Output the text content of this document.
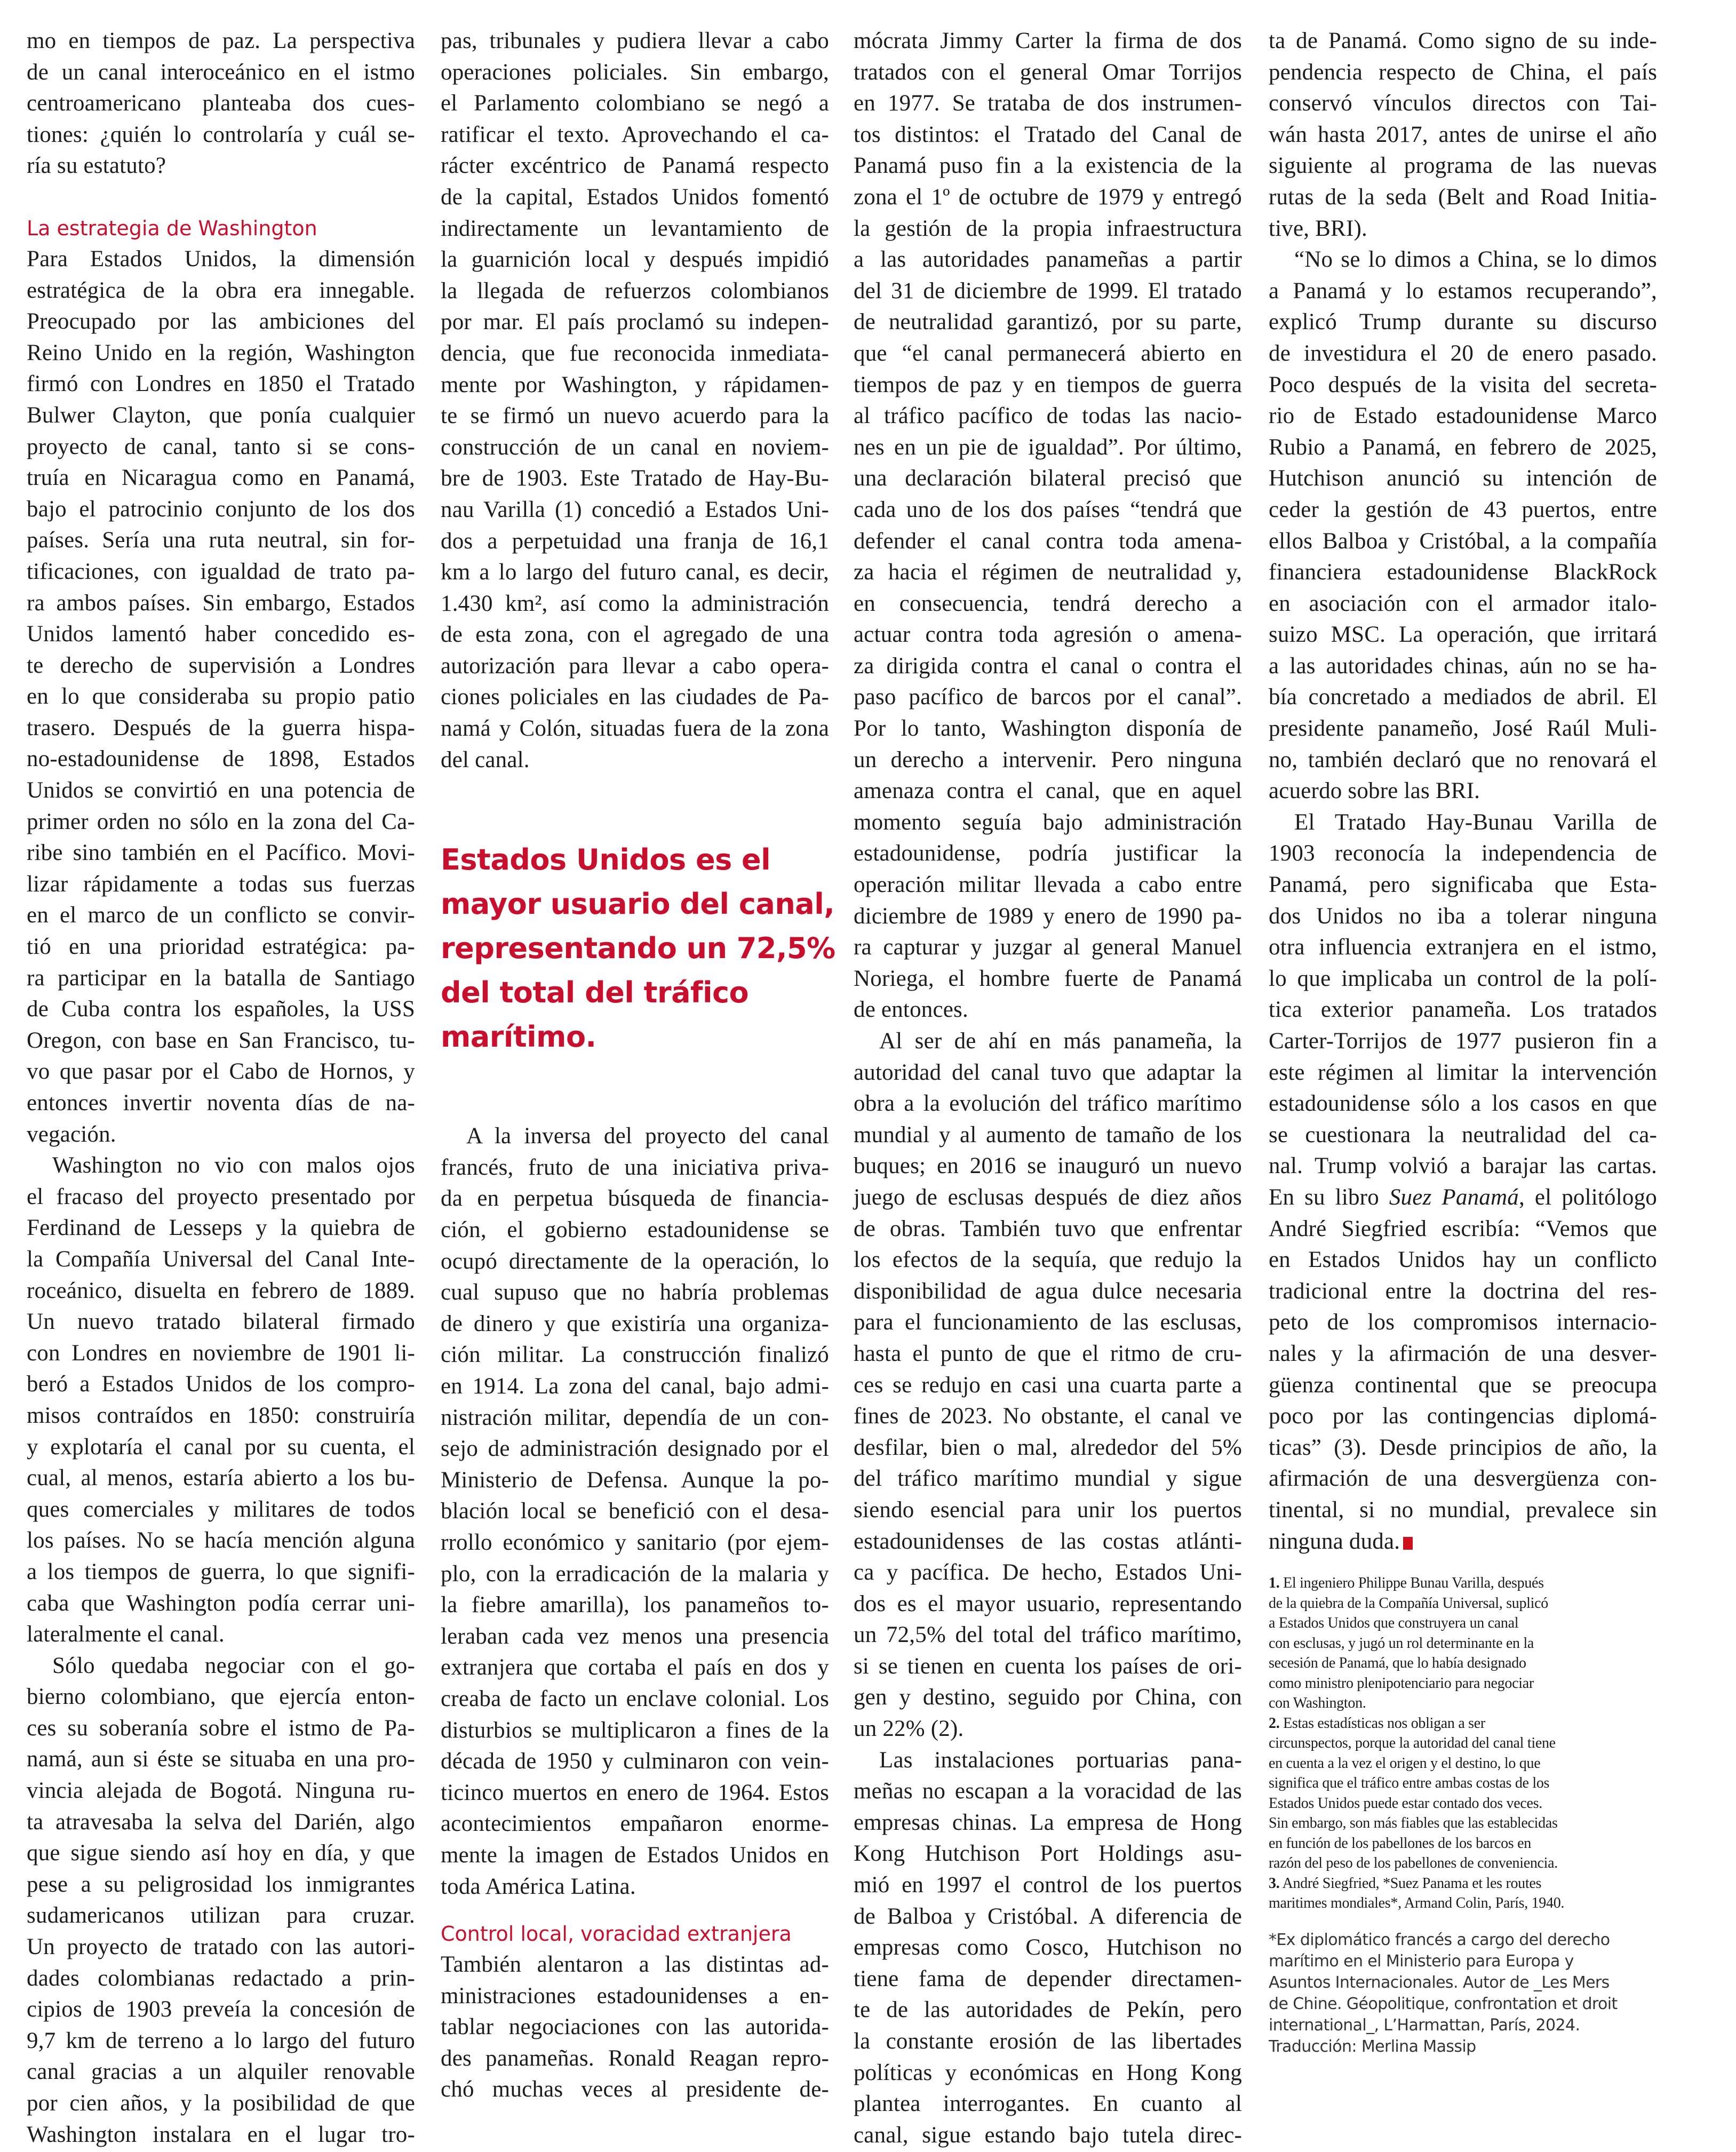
mo en tiempos de paz. La perspectiva
de un canal interoceánico en el istmo
centroamericano planteaba dos cues-
tiones: ¿quién lo controlaría y cuál se-
ría su estatuto?

La estrategia de Washington

Para Estados Unidos, la dimensión
estratégica de la obra era innegable.
Preocupado por las ambiciones del
Reino Unido en la región, Washington
firmó con Londres en 1850 el Tratado
Bulwer Clayton, que ponía cualquier
proyecto de canal, tanto si se cons-
truía en Nicaragua como en Panamá,
bajo el patrocinio conjunto de los dos
países. Sería una ruta neutral, sin for-
tificaciones, con igualdad de trato pa-
ra ambos países. Sin embargo, Estados
Unidos lamentó haber concedido es-
te derecho de supervisión a Londres
en lo que consideraba su propio patio
trasero. Después de la guerra hispa-
no-estadounidense de 1898, Estados
Unidos se convirtió en una potencia de
primer orden no sólo en la zona del Ca-
ribe sino también en el Pacífico. Movi-
lizar rápidamente a todas sus fuerzas
en el marco de un conflicto se convir-
tió en una prioridad estratégica: pa-
ra participar en la batalla de Santiago
de Cuba contra los españoles, la USS
Oregon, con base en San Francisco, tu-
vo que pasar por el Cabo de Hornos, y
entonces invertir noventa días de na-
vegación.

Washington no vio con malos ojos
el fracaso del proyecto presentado por
Ferdinand de Lesseps y la quiebra de
la Compañía Universal del Canal Inte-
roceánico, disuelta en febrero de 1889.
Un nuevo tratado bilateral firmado
con Londres en noviembre de 1901 li-
beró a Estados Unidos de los compro-
misos contraídos en 1850: construiría
y explotaría el canal por su cuenta, el
cual, al menos, estaría abierto a los bu-
ques comerciales y militares de todos
los países. No se hacía mención alguna
a los tiempos de guerra, lo que signifi-
caba que Washington podía cerrar uni-
lateralmente el canal.

Sólo quedaba negociar con el go-
bierno colombiano, que ejercía enton-
ces su soberanía sobre el istmo de Pa-
namá, aun si éste se situaba en una pro-
vincia alejada de Bogotá. Ninguna ru-
ta atravesaba la selva del Darién, algo
que sigue siendo así hoy en día, y que
pese a su peligrosidad los inmigrantes
sudamericanos utilizan para cruzar.
Un proyecto de tratado con las autori-
dades colombianas redactado a prin-
cipios de 1903 preveía la concesión de
9,7 km de terreno a lo largo del futuro
canal gracias a un alquiler renovable
por cien años, y la posibilidad de que
Washington instalara en el lugar tro-

pas, tribunales y pudiera llevar a cabo
operaciones policiales. Sin embargo,
el Parlamento colombiano se negó a
ratificar el texto. Aprovechando el ca-
rácter excéntrico de Panamá respecto
de la capital, Estados Unidos fomentó
indirectamente un levantamiento de
la guarnición local y después impidió
la llegada de refuerzos colombianos
por mar. El país proclamó su indepen-
dencia, que fue reconocida inmediata-
mente por Washington, y rápidamen-
te se firmó un nuevo acuerdo para la
construcción de un canal en noviem-
bre de 1903. Este Tratado de Hay-Bu-
nau Varilla (1) concedió a Estados Uni-
dos a perpetuidad una franja de 16,1
km a lo largo del futuro canal, es decir,
1.430 km², así como la administración
de esta zona, con el agregado de una
autorización para llevar a cabo opera-
ciones policiales en las ciudades de Pa-
namá y Colón, situadas fuera de la zona
del canal.

Estados Unidos es el
mayor usuario del canal,
representando un 72,5%
del total del tráfico
marítimo.

A la inversa del proyecto del canal
francés, fruto de una iniciativa priva-
da en perpetua búsqueda de financia-
ción, el gobierno estadounidense se
ocupó directamente de la operación, lo
cual supuso que no habría problemas
de dinero y que existiría una organiza-
ción militar. La construcción finalizó
en 1914. La zona del canal, bajo admi-
nistración militar, dependía de un con-
sejo de administración designado por el
Ministerio de Defensa. Aunque la po-
blación local se benefició con el desa-
rrollo económico y sanitario (por ejem-
plo, con la erradicación de la malaria y
la fiebre amarilla), los panameños to-
leraban cada vez menos una presencia
extranjera que cortaba el país en dos y
creaba de facto un enclave colonial. Los
disturbios se multiplicaron a fines de la
década de 1950 y culminaron con vein-
ticinco muertos en enero de 1964. Estos
acontecimientos empañaron enorme-
mente la imagen de Estados Unidos en
toda América Latina.

Control local, voracidad extranjera

También alentaron a las distintas ad-
ministraciones estadounidenses a en-
tablar negociaciones con las autorida-
des panameñas. Ronald Reagan repro-
chó muchas veces al presidente de-

mócrata Jimmy Carter la firma de dos
tratados con el general Omar Torrijos
en 1977. Se trataba de dos instrumen-
tos distintos: el Tratado del Canal de
Panamá puso fin a la existencia de la
zona el 1º de octubre de 1979 y entregó
la gestión de la propia infraestructura
a las autoridades panameñas a partir
del 31 de diciembre de 1999. El tratado
de neutralidad garantizó, por su parte,
que “el canal permanecerá abierto en
tiempos de paz y en tiempos de guerra
al tráfico pacífico de todas las nacio-
nes en un pie de igualdad”. Por último,
una declaración bilateral precisó que
cada uno de los dos países “tendrá que
defender el canal contra toda amena-
za hacia el régimen de neutralidad y,
en consecuencia, tendrá derecho a
actuar contra toda agresión o amena-
za dirigida contra el canal o contra el
paso pacífico de barcos por el canal”.
Por lo tanto, Washington disponía de
un derecho a intervenir. Pero ninguna
amenaza contra el canal, que en aquel
momento seguía bajo administración
estadounidense, podría justificar la
operación militar llevada a cabo entre
diciembre de 1989 y enero de 1990 pa-
ra capturar y juzgar al general Manuel
Noriega, el hombre fuerte de Panamá
de entonces.

Al ser de ahí en más panameña, la
autoridad del canal tuvo que adaptar la
obra a la evolución del tráfico marítimo
mundial y al aumento de tamaño de los
buques; en 2016 se inauguró un nuevo
juego de esclusas después de diez años
de obras. También tuvo que enfrentar
los efectos de la sequía, que redujo la
disponibilidad de agua dulce necesaria
para el funcionamiento de las esclusas,
hasta el punto de que el ritmo de cru-
ces se redujo en casi una cuarta parte a
fines de 2023. No obstante, el canal ve
desfilar, bien o mal, alrededor del 5%
del tráfico marítimo mundial y sigue
siendo esencial para unir los puertos
estadounidenses de las costas atlánti-
ca y pacífica. De hecho, Estados Uni-
dos es el mayor usuario, representando
un 72,5% del total del tráfico marítimo,
si se tienen en cuenta los países de ori-
gen y destino, seguido por China, con
un 22% (2).

Las instalaciones portuarias pana-
meñas no escapan a la voracidad de las
empresas chinas. La empresa de Hong
Kong Hutchison Port Holdings asu-
mió en 1997 el control de los puertos
de Balboa y Cristóbal. A diferencia de
empresas como Cosco, Hutchison no
tiene fama de depender directamen-
te de las autoridades de Pekín, pero
la constante erosión de las libertades
políticas y económicas en Hong Kong
plantea interrogantes. En cuanto al
canal, sigue estando bajo tutela direc-

ta de Panamá. Como signo de su inde-
pendencia respecto de China, el país
conservó vínculos directos con Tai-
wán hasta 2017, antes de unirse el año
siguiente al programa de las nuevas
rutas de la seda (Belt and Road Initia-
tive, BRI).

“No se lo dimos a China, se lo dimos
a Panamá y lo estamos recuperando”,
explicó Trump durante su discurso
de investidura el 20 de enero pasado.
Poco después de la visita del secreta-
rio de Estado estadounidense Marco
Rubio a Panamá, en febrero de 2025,
Hutchison anunció su intención de
ceder la gestión de 43 puertos, entre
ellos Balboa y Cristóbal, a la compañía
financiera estadounidense BlackRock
en asociación con el armador italo-
suizo MSC. La operación, que irritará
a las autoridades chinas, aún no se ha-
bía concretado a mediados de abril. El
presidente panameño, José Raúl Muli-
no, también declaró que no renovará el
acuerdo sobre las BRI.

El Tratado Hay-Bunau Varilla de
1903 reconocía la independencia de
Panamá, pero significaba que Esta-
dos Unidos no iba a tolerar ninguna
otra influencia extranjera en el istmo,
lo que implicaba un control de la polí-
tica exterior panameña. Los tratados
Carter-Torrijos de 1977 pusieron fin a
este régimen al limitar la intervención
estadounidense sólo a los casos en que
se cuestionara la neutralidad del ca-
nal. Trump volvió a barajar las cartas.
En su libro Suez Panamá, el politólogo
André Siegfried escribía: “Vemos que
en Estados Unidos hay un conflicto
tradicional entre la doctrina del res-
peto de los compromisos internacio-
nales y la afirmación de una desver-
güenza continental que se preocupa
poco por las contingencias diplomá-
ticas” (3). Desde principios de año, la
afirmación de una desvergüenza con-
tinental, si no mundial, prevalece sin
ninguna duda.

1. El ingeniero Philippe Bunau Varilla, después
de la quiebra de la Compañía Universal, suplicó
a Estados Unidos que construyera un canal
con esclusas, y jugó un rol determinante en la
secesión de Panamá, que lo había designado
como ministro plenipotenciario para negociar
con Washington.
2. Estas estadísticas nos obligan a ser
circunspectos, porque la autoridad del canal tiene
en cuenta a la vez el origen y el destino, lo que
significa que el tráfico entre ambas costas de los
Estados Unidos puede estar contado dos veces.
Sin embargo, son más fiables que las establecidas
en función de los pabellones de los barcos en
razón del peso de los pabellones de conveniencia.
3. André Siegfried, *Suez Panama et les routes
maritimes mondiales*, Armand Colin, París, 1940.
*Ex diplomático francés a cargo del derecho
marítimo en el Ministerio para Europa y
Asuntos Internacionales. Autor de _Les Mers
de Chine. Géopolitique, confrontation et droit
international_, L’Harmattan, París, 2024.
Traducción: Merlina Massip
